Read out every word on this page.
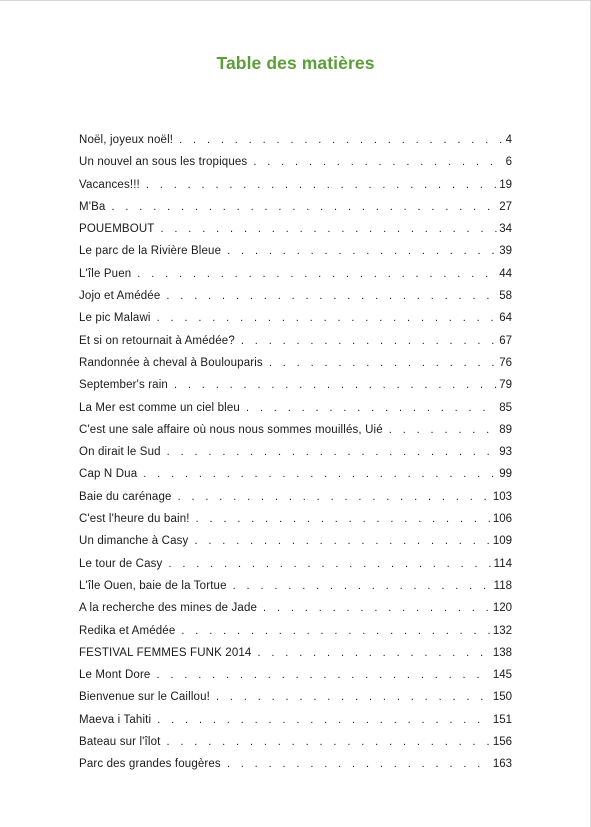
Table des matières
Noël, joyeux noël! . . .	4
Un nouvel an sous les tropiques . . .	6
Vacances!!! . . .	19
M'Ba . . .	27
POUEMBOUT . . .	34
Le parc de la Rivière Bleue . . .	39
L'île Puen . . .	44
Jojo et Amédée . . .	58
Le pic Malawi . . .	64
Et si on retournait à Amédée? . . .	67
Randonnée à cheval à Boulouparis . . .	76
September's rain . . .	79
La Mer est comme un ciel bleu . . .	85
C'est une sale affaire où nous nous sommes mouillés, Uié . . .	89
On dirait le Sud . . .	93
Cap N Dua . . .	99
Baie du carénage . . .	103
C'est l'heure du bain! . . .	106
Un dimanche à Casy . . .	109
Le tour de Casy . . .	114
L'île Ouen, baie de la Tortue . . .	118
A la recherche des mines de Jade . . .	120
Redika et Amédée . . .	132
FESTIVAL FEMMES FUNK 2014 . . .	138
Le Mont Dore . . .	145
Bienvenue sur le Caillou! . . .	150
Maeva i Tahiti . . .	151
Bateau sur l'îlot . . .	156
Parc des grandes fougères . . .	163
